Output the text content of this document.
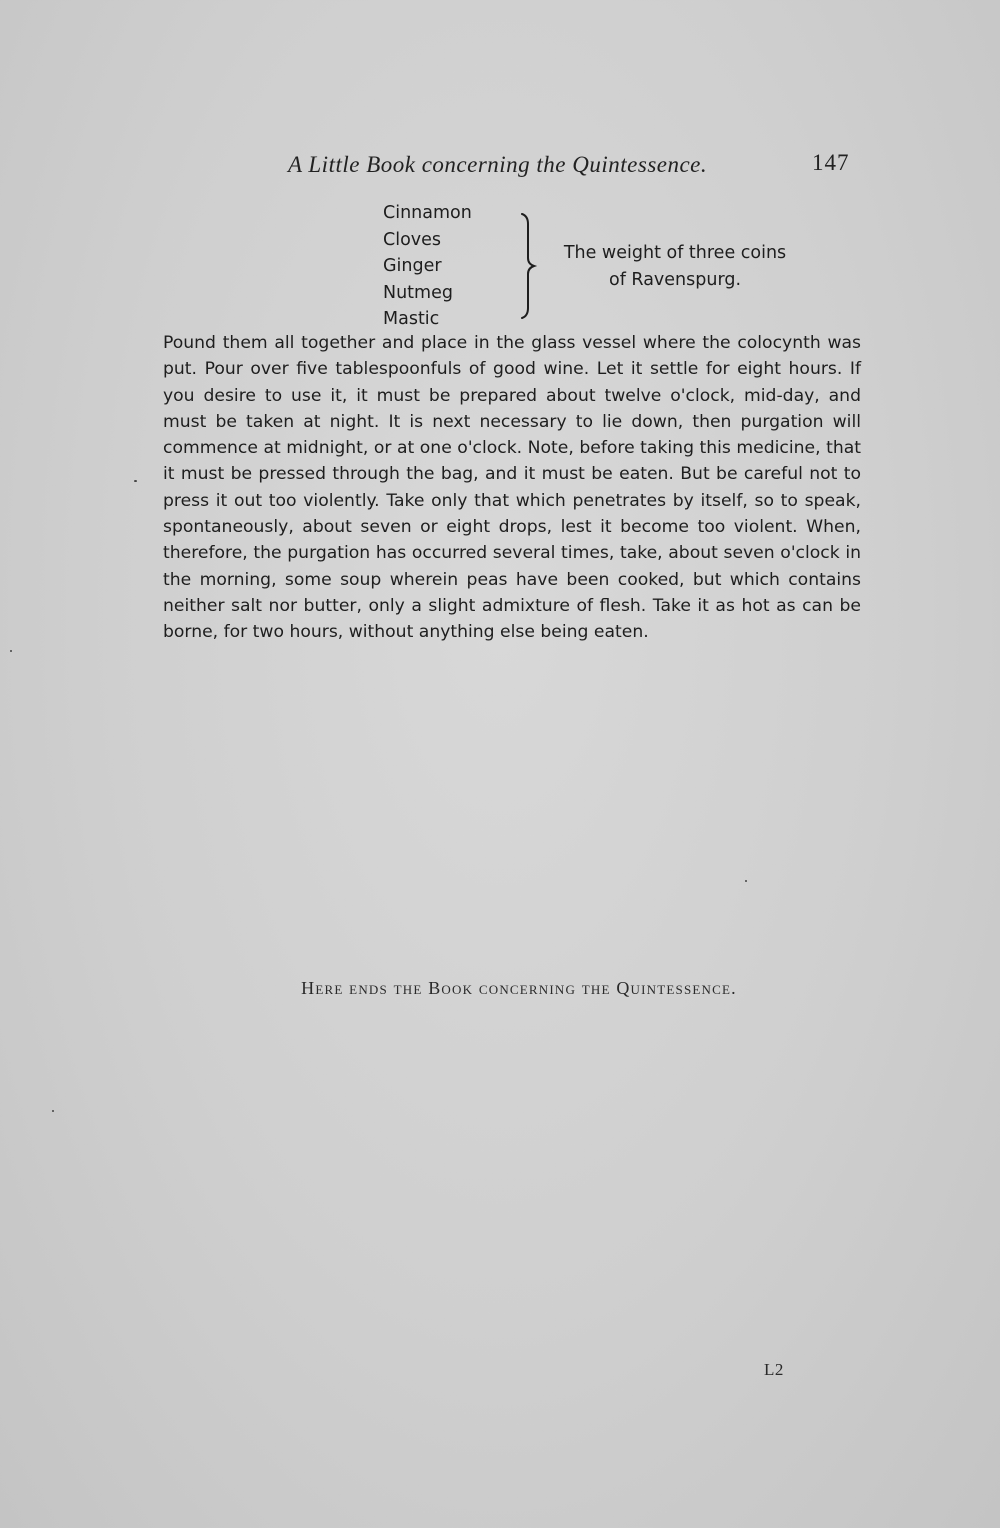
A Little Book concerning the Quintessence.	147
Cinnamon
Cloves
Ginger
Nutmeg
Mastic
The weight of three coins of Ravenspurg.

Pound them all together and place in the glass vessel where the colocynth was put. Pour over five tablespoonfuls of good wine. Let it settle for eight hours. If you desire to use it, it must be prepared about twelve o'clock, mid-day, and must be taken at night. It is next necessary to lie down, then purgation will commence at midnight, or at one o'clock. Note, before taking this medicine, that it must be pressed through the bag, and it must be eaten. But be careful not to press it out too violently. Take only that which penetrates by itself, so to speak, spontaneously, about seven or eight drops, lest it become too violent. When, therefore, the purgation has occurred several times, take, about seven o'clock in the morning, some soup wherein peas have been cooked, but which contains neither salt nor butter, only a slight admixture of flesh. Take it as hot as can be borne, for two hours, without anything else being eaten.

Here ends the Book concerning the Quintessence.
L2
